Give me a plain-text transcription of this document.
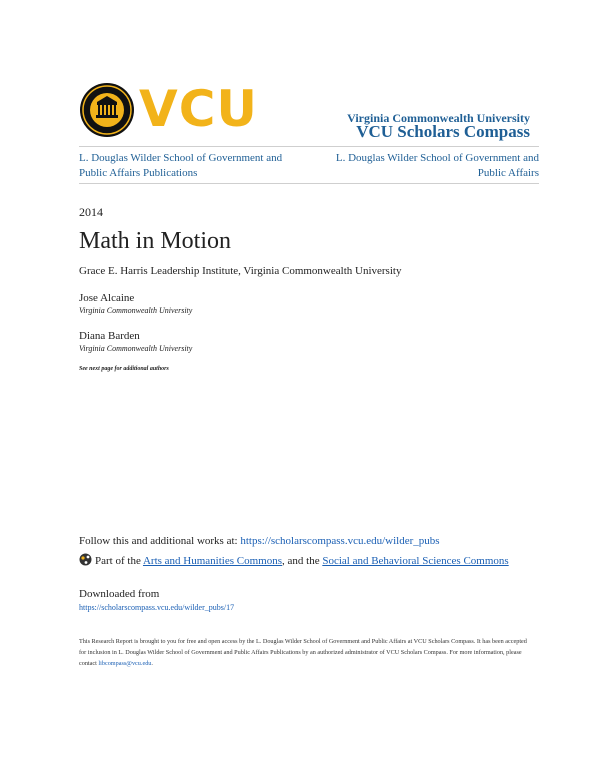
VCU	Virginia Commonwealth University
VCU Scholars Compass
L. Douglas Wilder School of Government and Public Affairs Publications
L. Douglas Wilder School of Government and Public Affairs
2014
Math in Motion
Grace E. Harris Leadership Institute, Virginia Commonwealth University
Jose Alcaine
Virginia Commonwealth University
Diana Barden
Virginia Commonwealth University
See next page for additional authors
Follow this and additional works at: https://scholarscompass.vcu.edu/wilder_pubs
Part of the Arts and Humanities Commons, and the Social and Behavioral Sciences Commons
Downloaded from
https://scholarscompass.vcu.edu/wilder_pubs/17
This Research Report is brought to you for free and open access by the L. Douglas Wilder School of Government and Public Affairs at VCU Scholars Compass. It has been accepted for inclusion in L. Douglas Wilder School of Government and Public Affairs Publications by an authorized administrator of VCU Scholars Compass. For more information, please contact libcompass@vcu.edu.
